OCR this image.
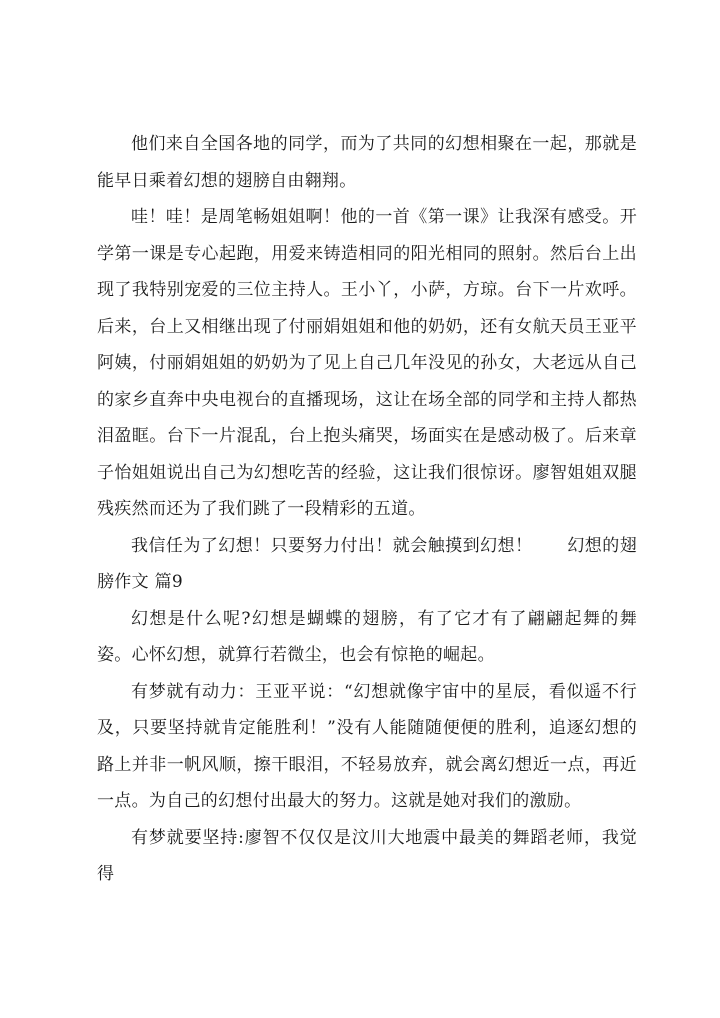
他们来自全国各地的同学，而为了共同的幻想相聚在一起，那就是能早日乘着幻想的翅膀自由翱翔。

哇！哇！是周笔畅姐姐啊！他的一首《第一课》让我深有感受。开学第一课是专心起跑，用爱来铸造相同的阳光相同的照射。然后台上出现了我特别宠爱的三位主持人。王小丫，小萨，方琼。台下一片欢呼。后来，台上又相继出现了付丽娟姐姐和他的奶奶，还有女航天员王亚平阿姨，付丽娟姐姐的奶奶为了见上自己几年没见的孙女，大老远从自己的家乡直奔中央电视台的直播现场，这让在场全部的同学和主持人都热泪盈眶。台下一片混乱，台上抱头痛哭，场面实在是感动极了。后来章子怡姐姐说出自己为幻想吃苦的经验，这让我们很惊讶。廖智姐姐双腿残疾然而还为了我们跳了一段精彩的五道。

我信任为了幻想！只要努力付出！就会触摸到幻想！　　幻想的翅膀作文 篇9

幻想是什么呢?幻想是蝴蝶的翅膀，有了它才有了翩翩起舞的舞姿。心怀幻想，就算行若微尘，也会有惊艳的崛起。

有梦就有动力：王亚平说：“幻想就像宇宙中的星辰，看似遥不行及，只要坚持就肯定能胜利！”没有人能随随便便的胜利，追逐幻想的路上并非一帆风顺，擦干眼泪，不轻易放弃，就会离幻想近一点，再近一点。为自己的幻想付出最大的努力。这就是她对我们的激励。

有梦就要坚持:廖智不仅仅是汶川大地震中最美的舞蹈老师，我觉得
